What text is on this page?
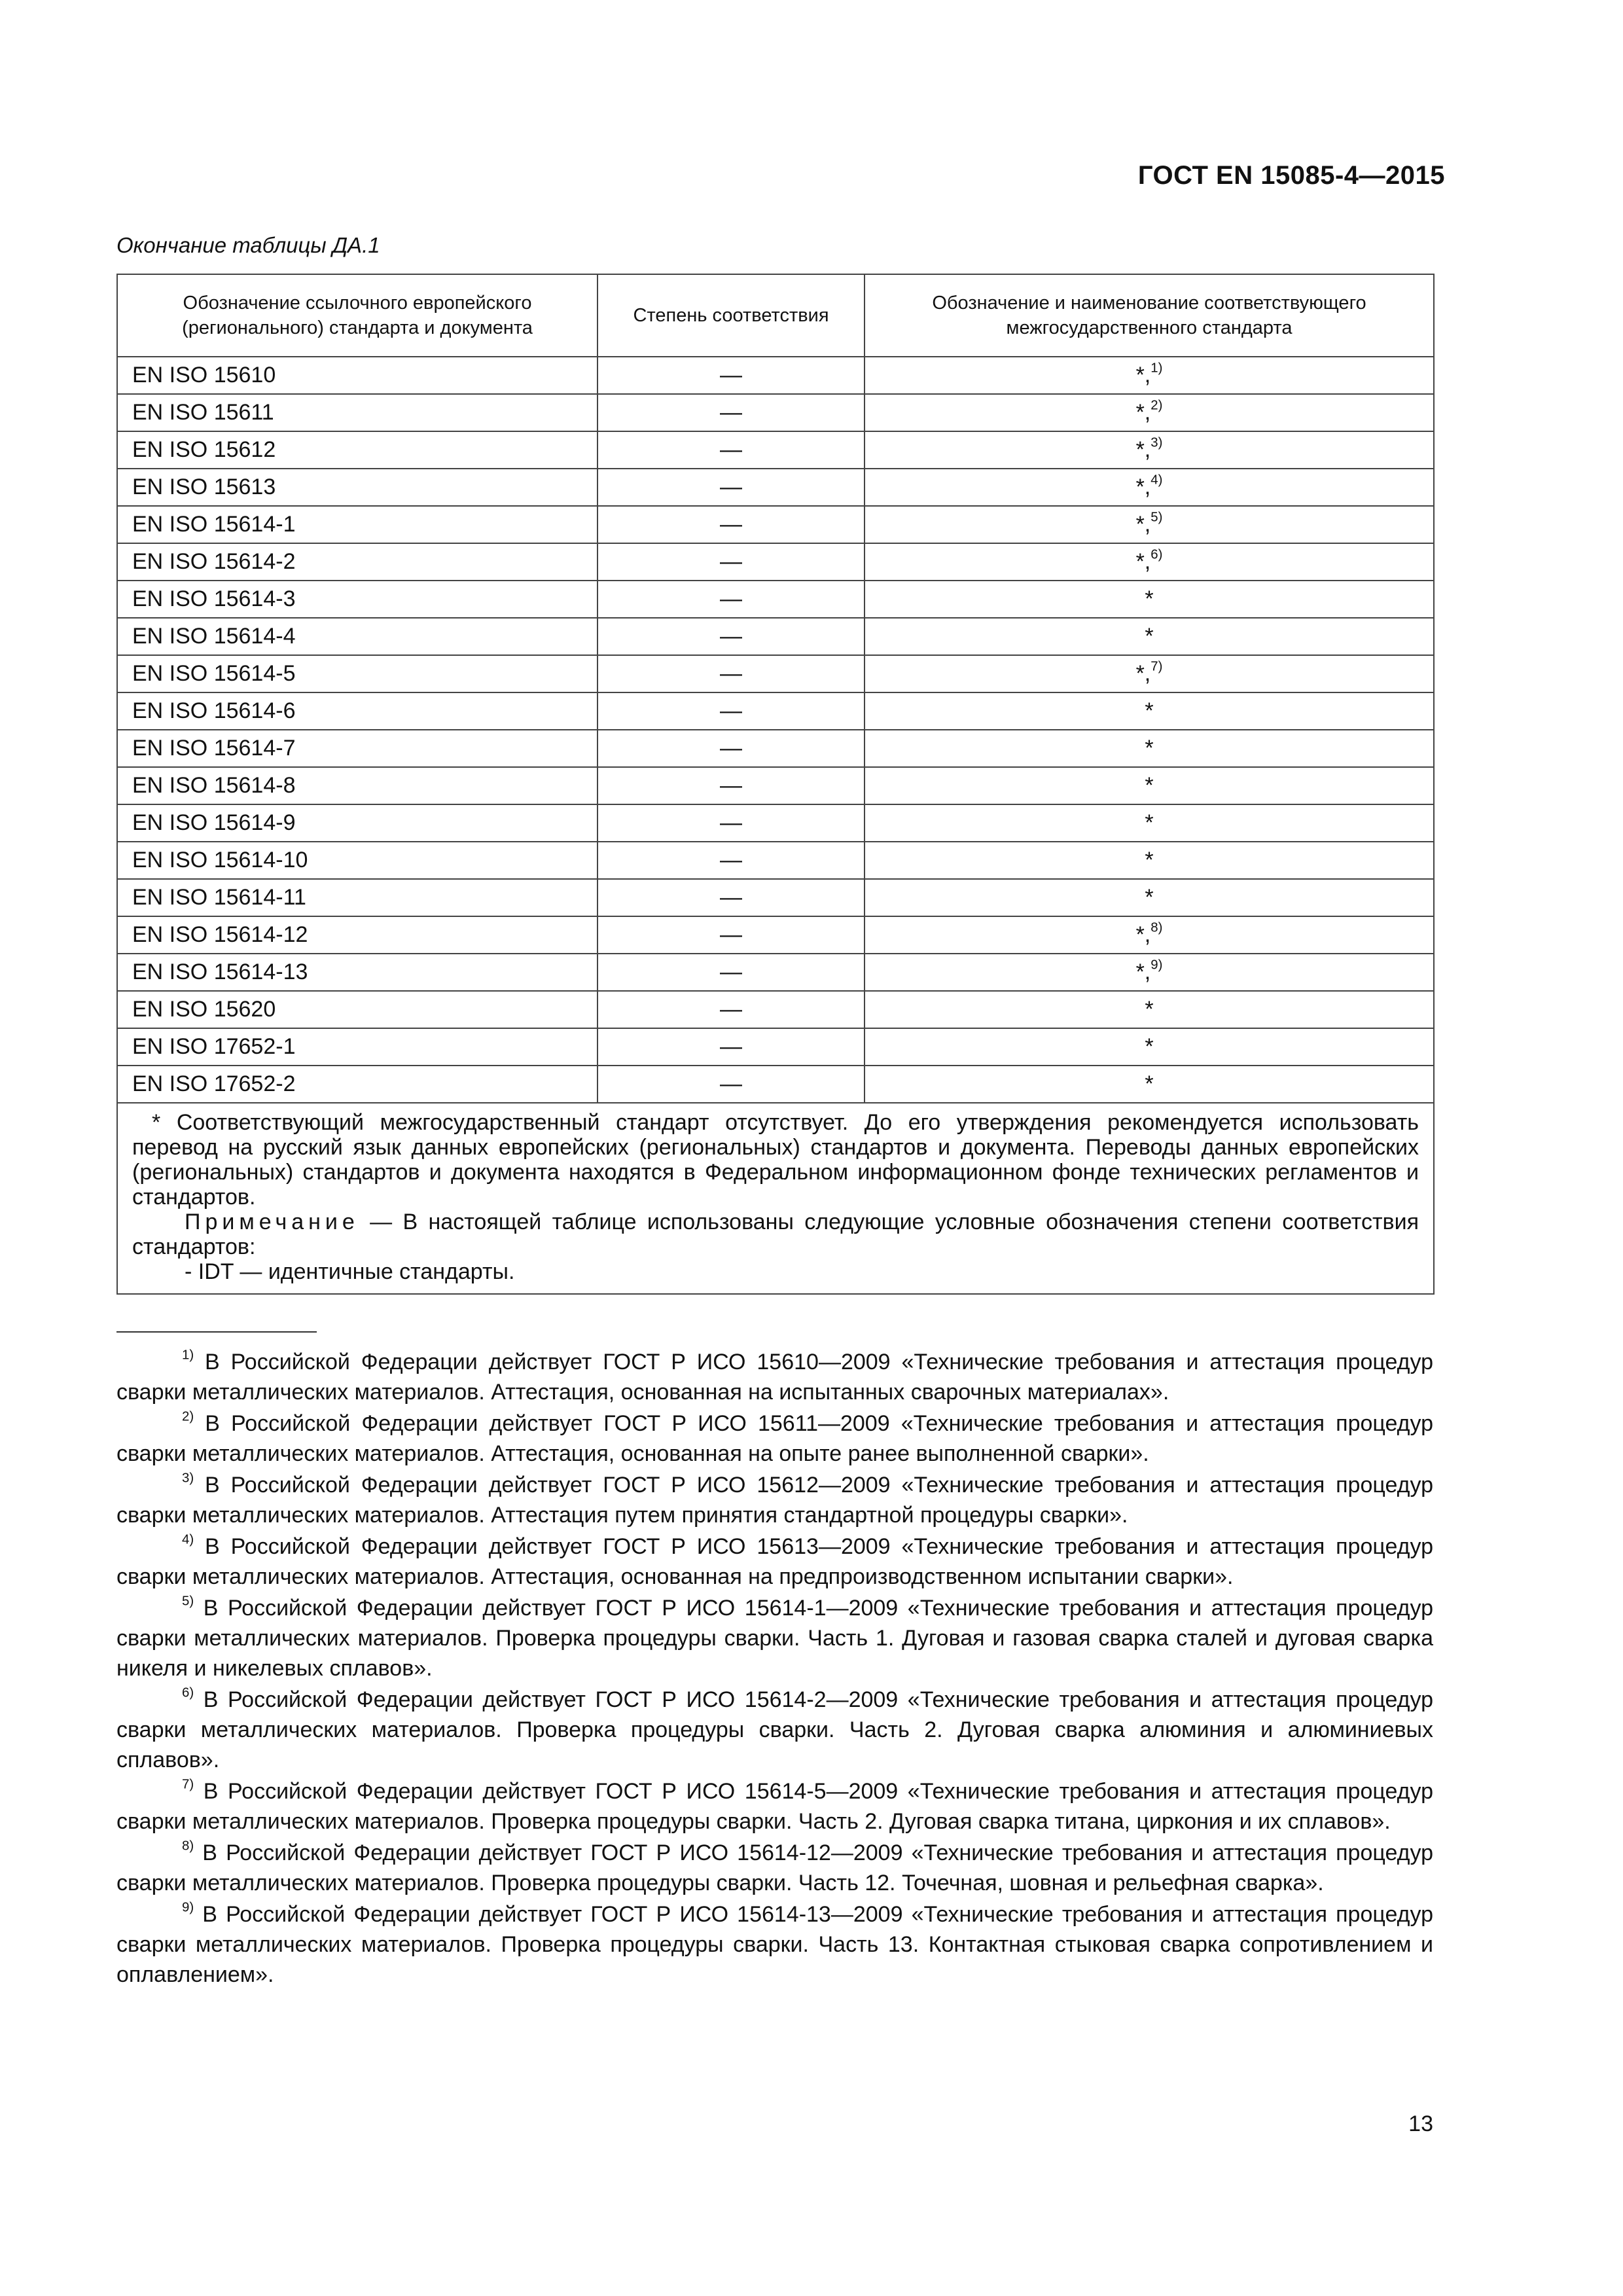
ГОСТ EN 15085-4—2015
Окончание таблицы ДА.1
Обозначение ссылочного европейского (регионального) стандарта и документа	Степень соответствия	Обозначение и наименование соответствующего межгосударственного стандарта
EN ISO 15610	—	*,$^{1)}$
EN ISO 15611	—	*,$^{2)}$
EN ISO 15612	—	*,$^{3)}$
EN ISO 15613	—	*,$^{4)}$
EN ISO 15614-1	—	*,$^{5)}$
EN ISO 15614-2	—	*,$^{6)}$
EN ISO 15614-3	—	*
EN ISO 15614-4	—	*
EN ISO 15614-5	—	*,$^{7)}$
EN ISO 15614-6	—	*
EN ISO 15614-7	—	*
EN ISO 15614-8	—	*
EN ISO 15614-9	—	*
EN ISO 15614-10	—	*
EN ISO 15614-11	—	*
EN ISO 15614-12	—	*,$^{8)}$
EN ISO 15614-13	—	*,$^{9)}$
EN ISO 15620	—	*
EN ISO 17652-1	—	*
EN ISO 17652-2	—	*

* Соответствующий межгосударственный стандарт отсутствует. До его утверждения рекомендуется использовать перевод на русский язык данных европейских (региональных) стандартов и документа. Переводы данных европейских (региональных) стандартов и документа находятся в Федеральном информационном фонде технических регламентов и стандартов.

Примечание — В настоящей таблице использованы следующие условные обозначения степени соответствия стандартов:

- IDT — идентичные стандарты.		

$^{1)}$ В Российской Федерации действует ГОСТ Р ИСО 15610—2009 «Технические требования и аттестация процедур сварки металлических материалов. Аттестация, основанная на испытанных сварочных материалах».

$^{2)}$ В Российской Федерации действует ГОСТ Р ИСО 15611—2009 «Технические требования и аттестация процедур сварки металлических материалов. Аттестация, основанная на опыте ранее выполненной сварки».

$^{3)}$ В Российской Федерации действует ГОСТ Р ИСО 15612—2009 «Технические требования и аттестация процедур сварки металлических материалов. Аттестация путем принятия стандартной процедуры сварки».

$^{4)}$ В Российской Федерации действует ГОСТ Р ИСО 15613—2009 «Технические требования и аттестация процедур сварки металлических материалов. Аттестация, основанная на предпроизводственном испытании сварки».

$^{5)}$ В Российской Федерации действует ГОСТ Р ИСО 15614-1—2009 «Технические требования и аттестация процедур сварки металлических материалов. Проверка процедуры сварки. Часть 1. Дуговая и газовая сварка сталей и дуговая сварка никеля и никелевых сплавов».

$^{6)}$ В Российской Федерации действует ГОСТ Р ИСО 15614-2—2009 «Технические требования и аттестация процедур сварки металлических материалов. Проверка процедуры сварки. Часть 2. Дуговая сварка алюминия и алюминиевых сплавов».

$^{7)}$ В Российской Федерации действует ГОСТ Р ИСО 15614-5—2009 «Технические требования и аттестация процедур сварки металлических материалов. Проверка процедуры сварки. Часть 2. Дуговая сварка титана, циркония и их сплавов».

$^{8)}$ В Российской Федерации действует ГОСТ Р ИСО 15614-12—2009 «Технические требования и аттестация процедур сварки металлических материалов. Проверка процедуры сварки. Часть 12. Точечная, шовная и рельефная сварка».

$^{9)}$ В Российской Федерации действует ГОСТ Р ИСО 15614-13—2009 «Технические требования и аттестация процедур сварки металлических материалов. Проверка процедуры сварки. Часть 13. Контактная стыковая сварка сопротивлением и оплавлением».

13
